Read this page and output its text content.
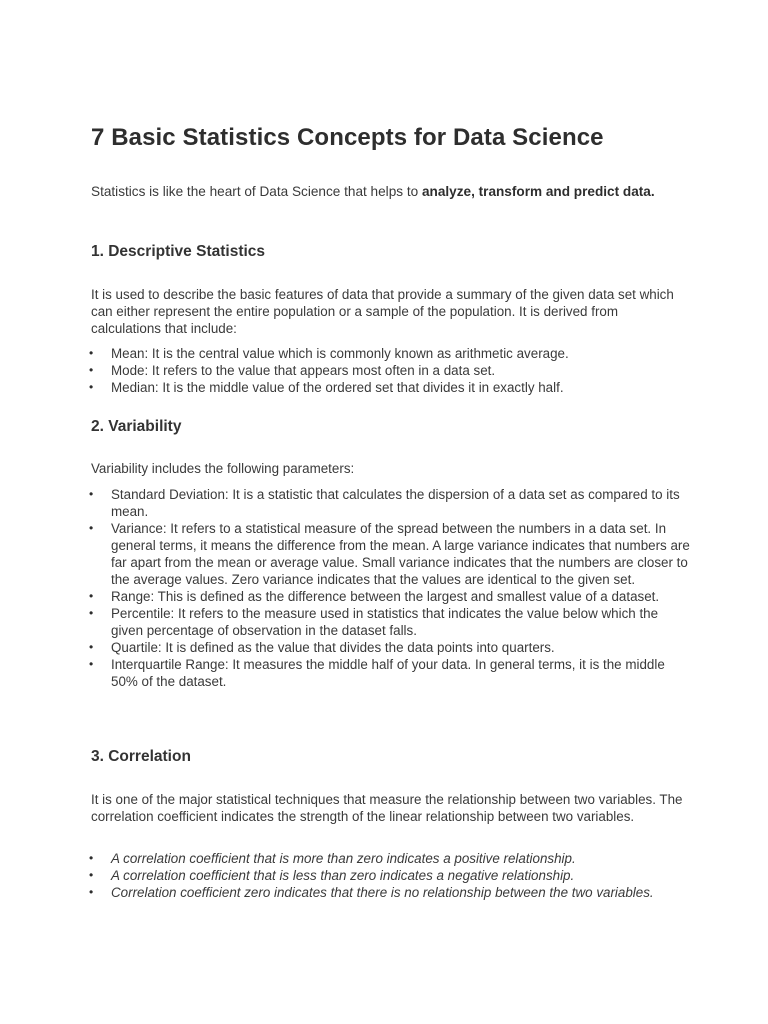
7 Basic Statistics Concepts for Data Science

Statistics is like the heart of Data Science that helps to analyze, transform and predict data.

1. Descriptive Statistics

It is used to describe the basic features of data that provide a summary of the given data set which can either represent the entire population or a sample of the population. It is derived from calculations that include:

• Mean: It is the central value which is commonly known as arithmetic average.
• Mode: It refers to the value that appears most often in a data set.
• Median: It is the middle value of the ordered set that divides it in exactly half.
2. Variability

Variability includes the following parameters:

• Standard Deviation: It is a statistic that calculates the dispersion of a data set as compared to its mean.
• Variance: It refers to a statistical measure of the spread between the numbers in a data set. In general terms, it means the difference from the mean. A large variance indicates that numbers are far apart from the mean or average value. Small variance indicates that the numbers are closer to the average values. Zero variance indicates that the values are identical to the given set.
• Range: This is defined as the difference between the largest and smallest value of a dataset.
• Percentile: It refers to the measure used in statistics that indicates the value below which the given percentage of observation in the dataset falls.
• Quartile: It is defined as the value that divides the data points into quarters.
• Interquartile Range: It measures the middle half of your data. In general terms, it is the middle 50% of the dataset.
3. Correlation

It is one of the major statistical techniques that measure the relationship between two variables. The correlation coefficient indicates the strength of the linear relationship between two variables.

• A correlation coefficient that is more than zero indicates a positive relationship.
• A correlation coefficient that is less than zero indicates a negative relationship.
• Correlation coefficient zero indicates that there is no relationship between the two variables.
